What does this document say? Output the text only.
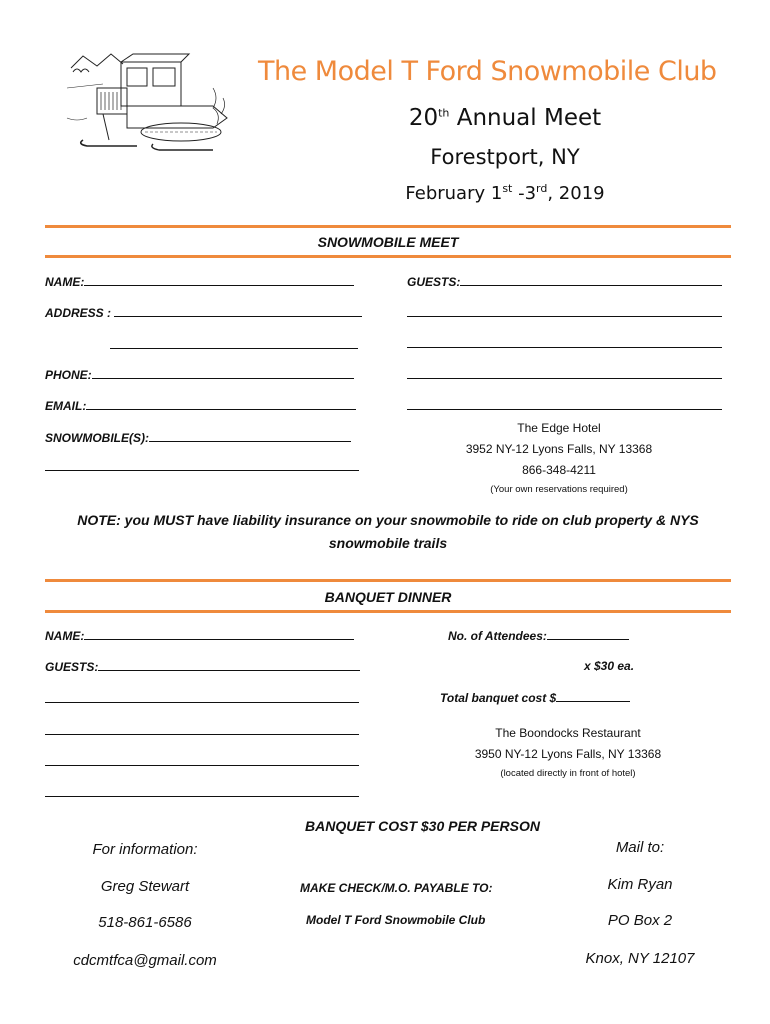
The Model T Ford Snowmobile Club
20th Annual Meet
Forestport, NY
February 1st -3rd, 2019
SNOWMOBILE MEET
NAME:
ADDRESS :
PHONE:
EMAIL:
SNOWMOBILE(S):
GUESTS:
The Edge Hotel
3952 NY-12 Lyons Falls, NY 13368
866-348-4211
(Your own reservations required)
NOTE: you MUST have liability insurance on your snowmobile to ride on club property & NYS snowmobile trails
BANQUET DINNER
NAME:
GUESTS:
No. of Attendees:
x $30 ea.
Total banquet cost $
The Boondocks Restaurant
3950 NY-12 Lyons Falls, NY 13368
(located directly in front of hotel)
BANQUET COST $30 PER PERSON
For information:
Greg Stewart
518-861-6586
cdcmtfca@gmail.com
MAKE CHECK/M.O. PAYABLE TO:
Model T Ford Snowmobile Club
Mail to:
Kim Ryan
PO Box 2
Knox, NY 12107
